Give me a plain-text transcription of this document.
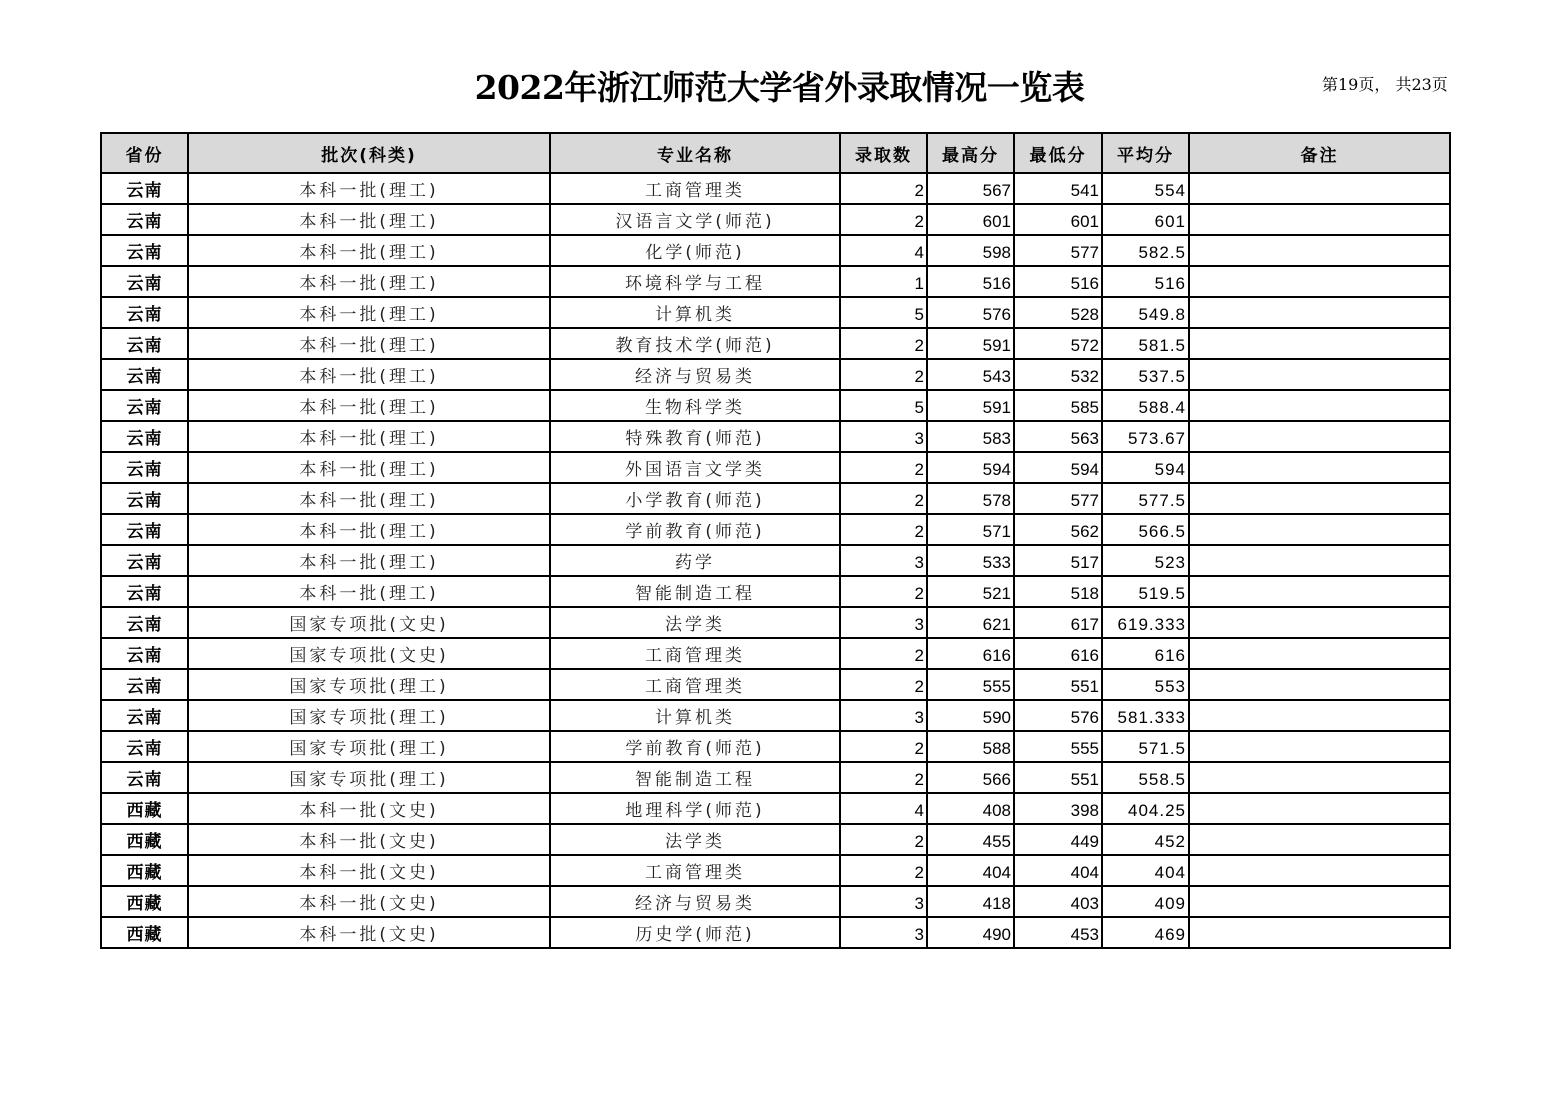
2022年浙江师范大学省外录取情况一览表	第19页， 共23页
省份	批次(科类)	专业名称	录取数	最高分	最低分	平均分	备注
云南	本科一批(理工)	工商管理类	2	567	541	554	
云南	本科一批(理工)	汉语言文学(师范)	2	601	601	601	
云南	本科一批(理工)	化学(师范)	4	598	577	582.5	
云南	本科一批(理工)	环境科学与工程	1	516	516	516	
云南	本科一批(理工)	计算机类	5	576	528	549.8	
云南	本科一批(理工)	教育技术学(师范)	2	591	572	581.5	
云南	本科一批(理工)	经济与贸易类	2	543	532	537.5	
云南	本科一批(理工)	生物科学类	5	591	585	588.4	
云南	本科一批(理工)	特殊教育(师范)	3	583	563	573.67	
云南	本科一批(理工)	外国语言文学类	2	594	594	594	
云南	本科一批(理工)	小学教育(师范)	2	578	577	577.5	
云南	本科一批(理工)	学前教育(师范)	2	571	562	566.5	
云南	本科一批(理工)	药学	3	533	517	523	
云南	本科一批(理工)	智能制造工程	2	521	518	519.5	
云南	国家专项批(文史)	法学类	3	621	617	619.333	
云南	国家专项批(文史)	工商管理类	2	616	616	616	
云南	国家专项批(理工)	工商管理类	2	555	551	553	
云南	国家专项批(理工)	计算机类	3	590	576	581.333	
云南	国家专项批(理工)	学前教育(师范)	2	588	555	571.5	
云南	国家专项批(理工)	智能制造工程	2	566	551	558.5	
西藏	本科一批(文史)	地理科学(师范)	4	408	398	404.25	
西藏	本科一批(文史)	法学类	2	455	449	452	
西藏	本科一批(文史)	工商管理类	2	404	404	404	
西藏	本科一批(文史)	经济与贸易类	3	418	403	409	
西藏	本科一批(文史)	历史学(师范)	3	490	453	469	
